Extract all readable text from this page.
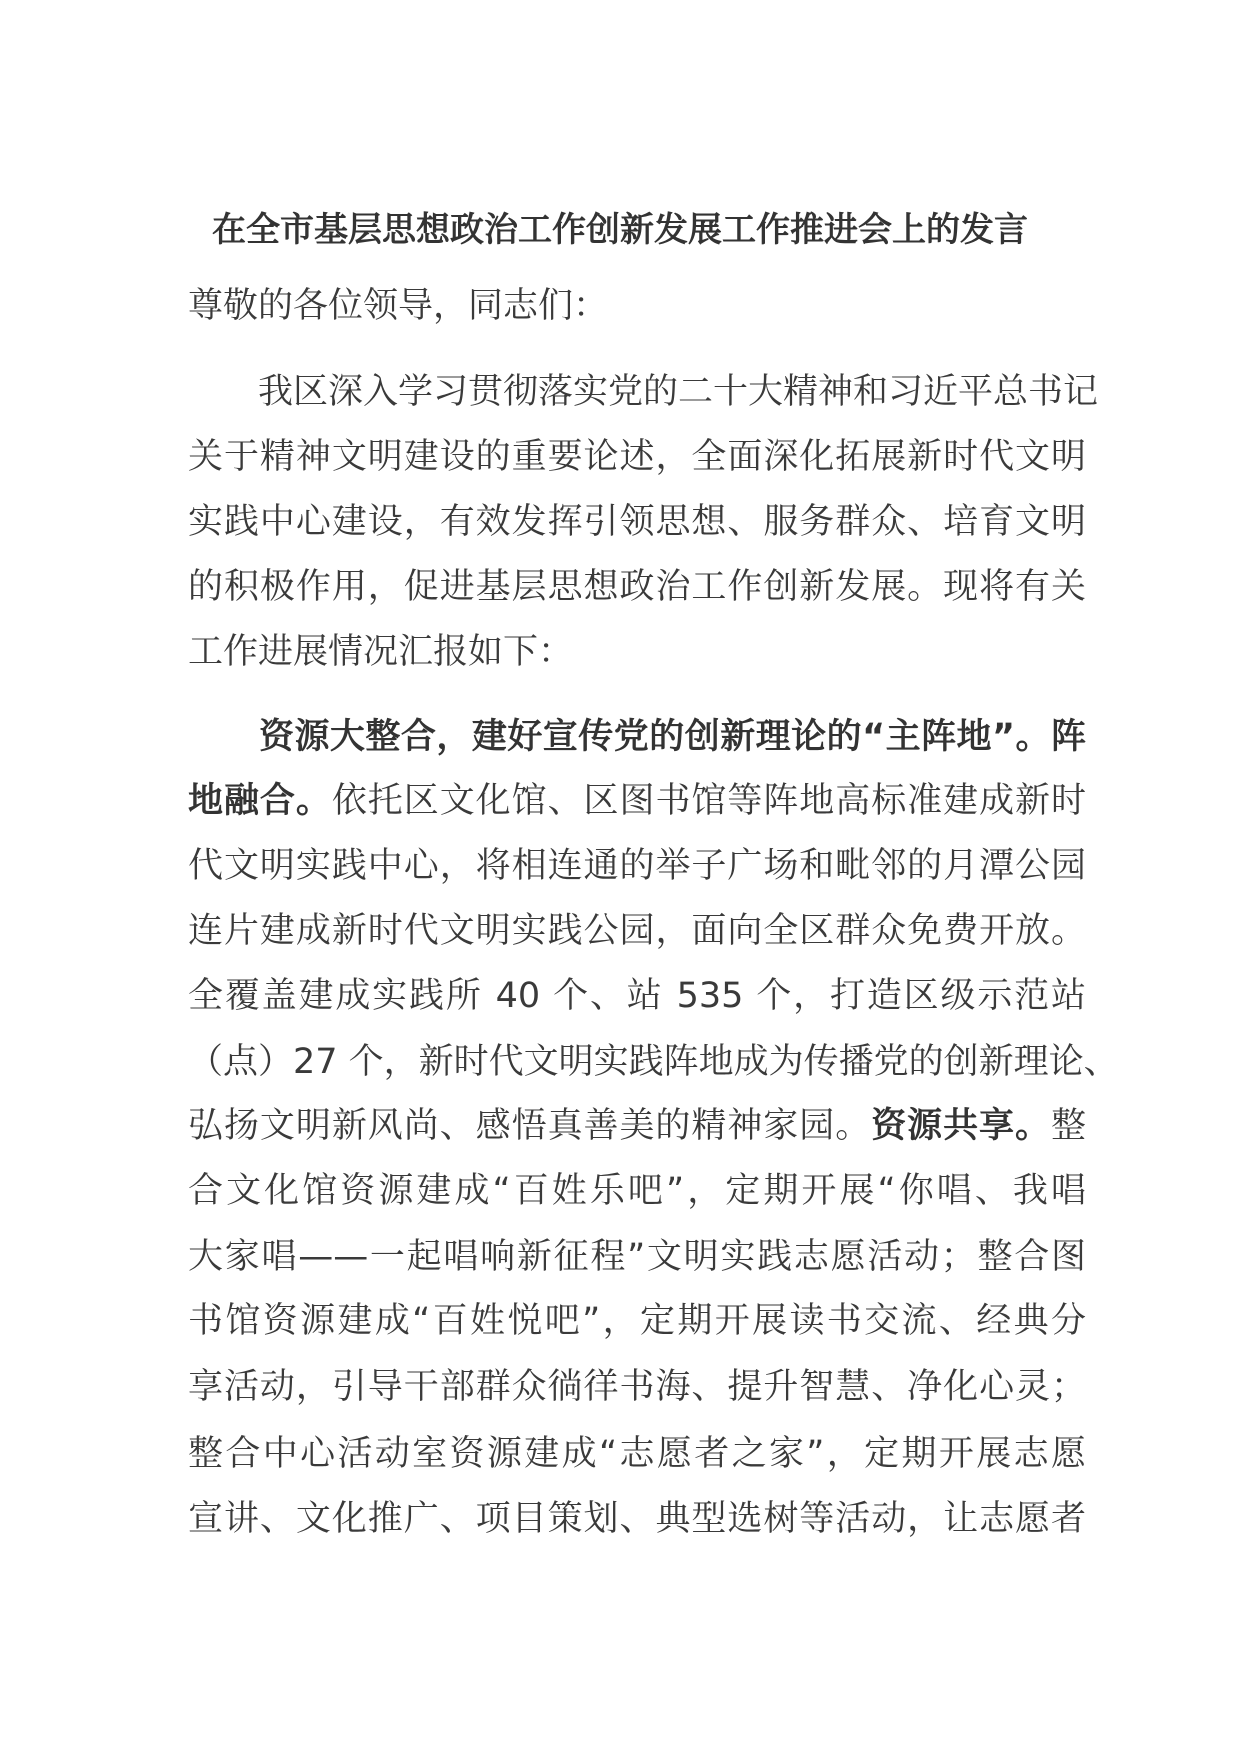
在全市基层思想政治工作创新发展工作推进会上的发言
尊敬的各位领导，同志们：
　　我区深入学习贯彻落实党的二十大精神和习近平总书记
关于精神文明建设的重要论述，全面深化拓展新时代文明
实践中心建设，有效发挥引领思想、服务群众、培育文明
的积极作用，促进基层思想政治工作创新发展。现将有关
工作进展情况汇报如下：
　　资源大整合，建好宣传党的创新理论的“主阵地”。阵
地融合。依托区文化馆、区图书馆等阵地高标准建成新时
代文明实践中心，将相连通的举子广场和毗邻的月潭公园
连片建成新时代文明实践公园，面向全区群众免费开放。
全覆盖建成实践所 40 个、站 535 个，打造区级示范站
（点）27 个，新时代文明实践阵地成为传播党的创新理论、
弘扬文明新风尚、感悟真善美的精神家园。资源共享。整
合文化馆资源建成“百姓乐吧”，定期开展“你唱、我唱
大家唱——一起唱响新征程”文明实践志愿活动；整合图
书馆资源建成“百姓悦吧”，定期开展读书交流、经典分
享活动，引导干部群众徜徉书海、提升智慧、净化心灵；
整合中心活动室资源建成“志愿者之家”，定期开展志愿
宣讲、文化推广、项目策划、典型选树等活动，让志愿者
